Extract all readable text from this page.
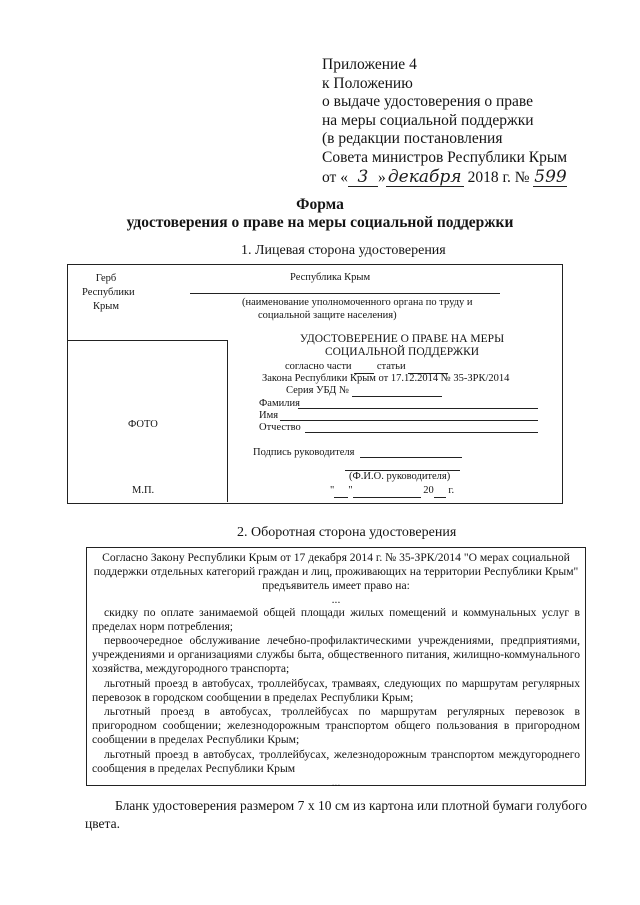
Приложение 4
к Положению
о выдаче удостоверения о праве
на меры социальной поддержки
(в редакции постановления
Совета министров Республики Крым
от « 3 » декабря 2018 г. № 599
Форма
удостоверения о праве на меры социальной поддержки
1. Лицевая сторона удостоверения
Герб
Республики
Крым
Республика Крым
(наименование уполномоченного органа по труду и
социальной защите населения)
УДОСТОВЕРЕНИЕ О ПРАВЕ НА МЕРЫ
СОЦИАЛЬНОЙ ПОДДЕРЖКИ
согласно части статьи
Закона Республики Крым от 17.12.2014 № 35-ЗРК/2014
Серия УБД №
Фамилия
Имя
Отчество
Подпись руководителя
(Ф.И.О. руководителя)
" "	20 г.
ФОТО
М.П.
2. Оборотная сторона удостоверения
Согласно Закону Республики Крым от 17 декабря 2014 г. № 35-ЗРК/2014 "О мерах социальной поддержки отдельных категорий граждан и лиц, проживающих на территории Республики Крым"
предъявитель имеет право на:
...
скидку по оплате занимаемой общей площади жилых помещений и коммунальных услуг в пределах норм потребления;
первоочередное обслуживание лечебно-профилактическими учреждениями, предприятиями, учреждениями и организациями службы быта, общественного питания, жилищно-коммунального хозяйства, междугородного транспорта;
льготный проезд в автобусах, троллейбусах, трамваях, следующих по маршрутам регулярных перевозок в городском сообщении в пределах Республики Крым;
льготный проезд в автобусах, троллейбусах по маршрутам регулярных перевозок в пригородном сообщении; железнодорожным транспортом общего пользования в пригородном сообщении в пределах Республики Крым;
льготный проезд в автобусах, троллейбусах, железнодорожным транспортом междугороднего сообщения в пределах Республики Крым
...
Бланк удостоверения размером 7 x 10 см из картона или плотной бумаги голубого цвета.
